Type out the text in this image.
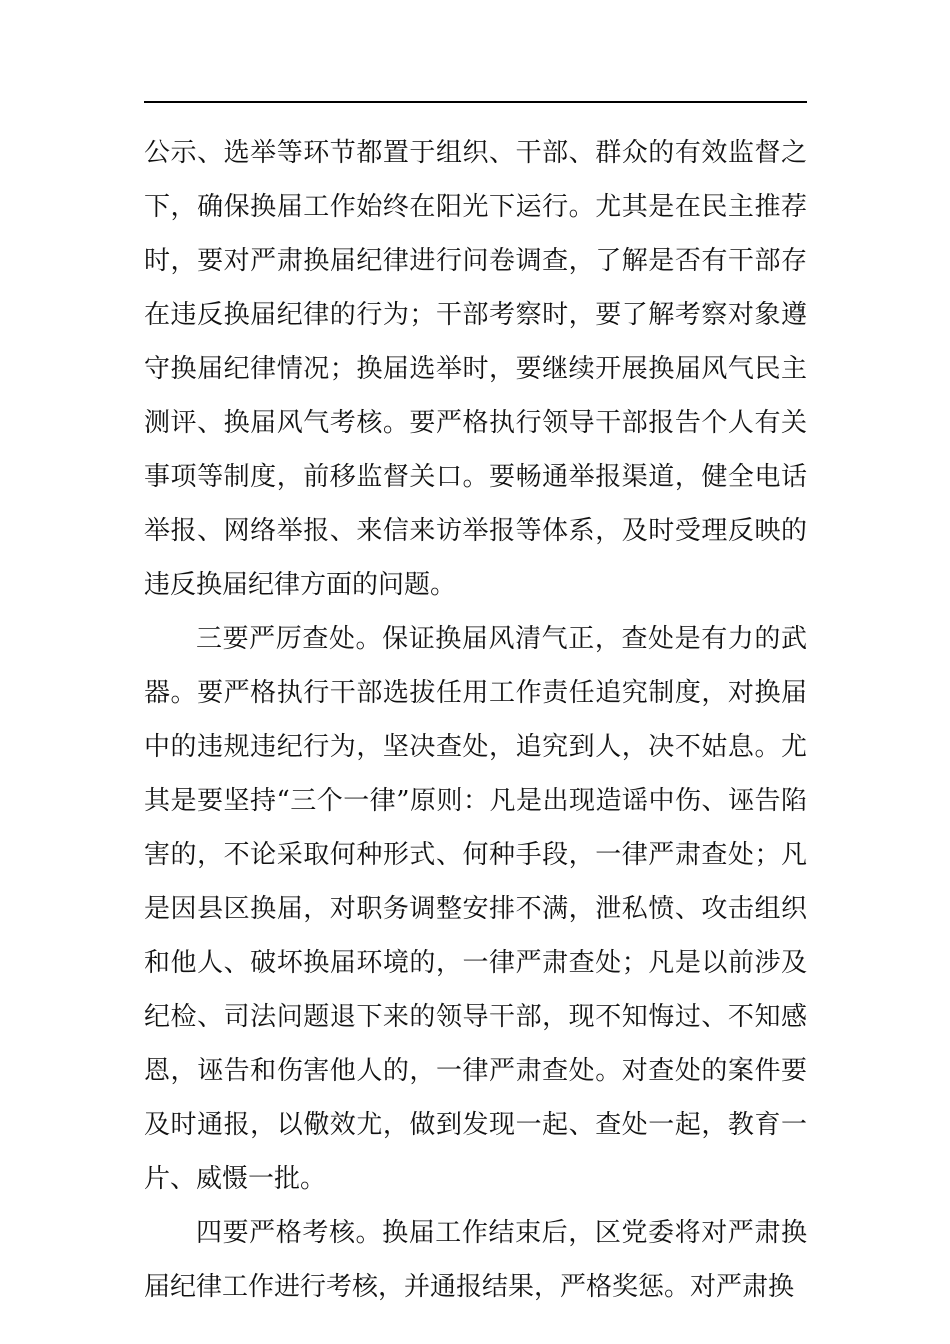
公示、选举等环节都置于组织、干部、群众的有效监督之下，确保换届工作始终在阳光下运行。尤其是在民主推荐时，要对严肃换届纪律进行问卷调查，了解是否有干部存在违反换届纪律的行为；干部考察时，要了解考察对象遵守换届纪律情况；换届选举时，要继续开展换届风气民主测评、换届风气考核。要严格执行领导干部报告个人有关事项等制度，前移监督关口。要畅通举报渠道，健全电话举报、网络举报、来信来访举报等体系，及时受理反映的违反换届纪律方面的问题。

三要严厉查处。保证换届风清气正，查处是有力的武器。要严格执行干部选拔任用工作责任追究制度，对换届中的违规违纪行为，坚决查处，追究到人，决不姑息。尤其是要坚持“三个一律”原则：凡是出现造谣中伤、诬告陷害的，不论采取何种形式、何种手段，一律严肃查处；凡是因县区换届，对职务调整安排不满，泄私愤、攻击组织和他人、破坏换届环境的，一律严肃查处；凡是以前涉及纪检、司法问题退下来的领导干部，现不知悔过、不知感恩，诬告和伤害他人的，一律严肃查处。对查处的案件要及时通报，以儆效尤，做到发现一起、查处一起，教育一片、威慑一批。

四要严格考核。换届工作结束后，区党委将对严肃换届纪律工作进行考核，并通报结果，严格奖惩。对严肃换
